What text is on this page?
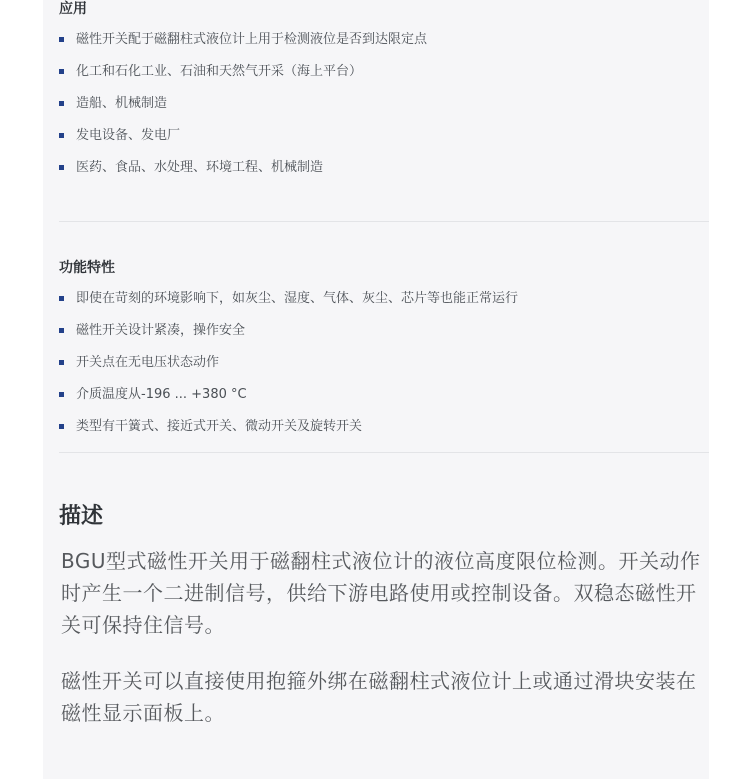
应用
磁性开关配于磁翻柱式液位计上用于检测液位是否到达限定点
化工和石化工业、石油和天然气开采（海上平台）
造船、机械制造
发电设备、发电厂
医药、食品、水处理、环境工程、机械制造
功能特性
即使在苛刻的环境影响下，如灰尘、湿度、气体、灰尘、芯片等也能正常运行
磁性开关设计紧凑，操作安全
开关点在无电压状态动作
介质温度从-196 ... +380 °C
类型有干簧式、接近式开关、微动开关及旋转开关
描述

BGU型式磁性开关用于磁翻柱式液位计的液位高度限位检测。开关动作时产生一个二进制信号，供给下游电路使用或控制设备。双稳态磁性开关可保持住信号。

磁性开关可以直接使用抱箍外绑在磁翻柱式液位计上或通过滑块安装在磁性显示面板上。
